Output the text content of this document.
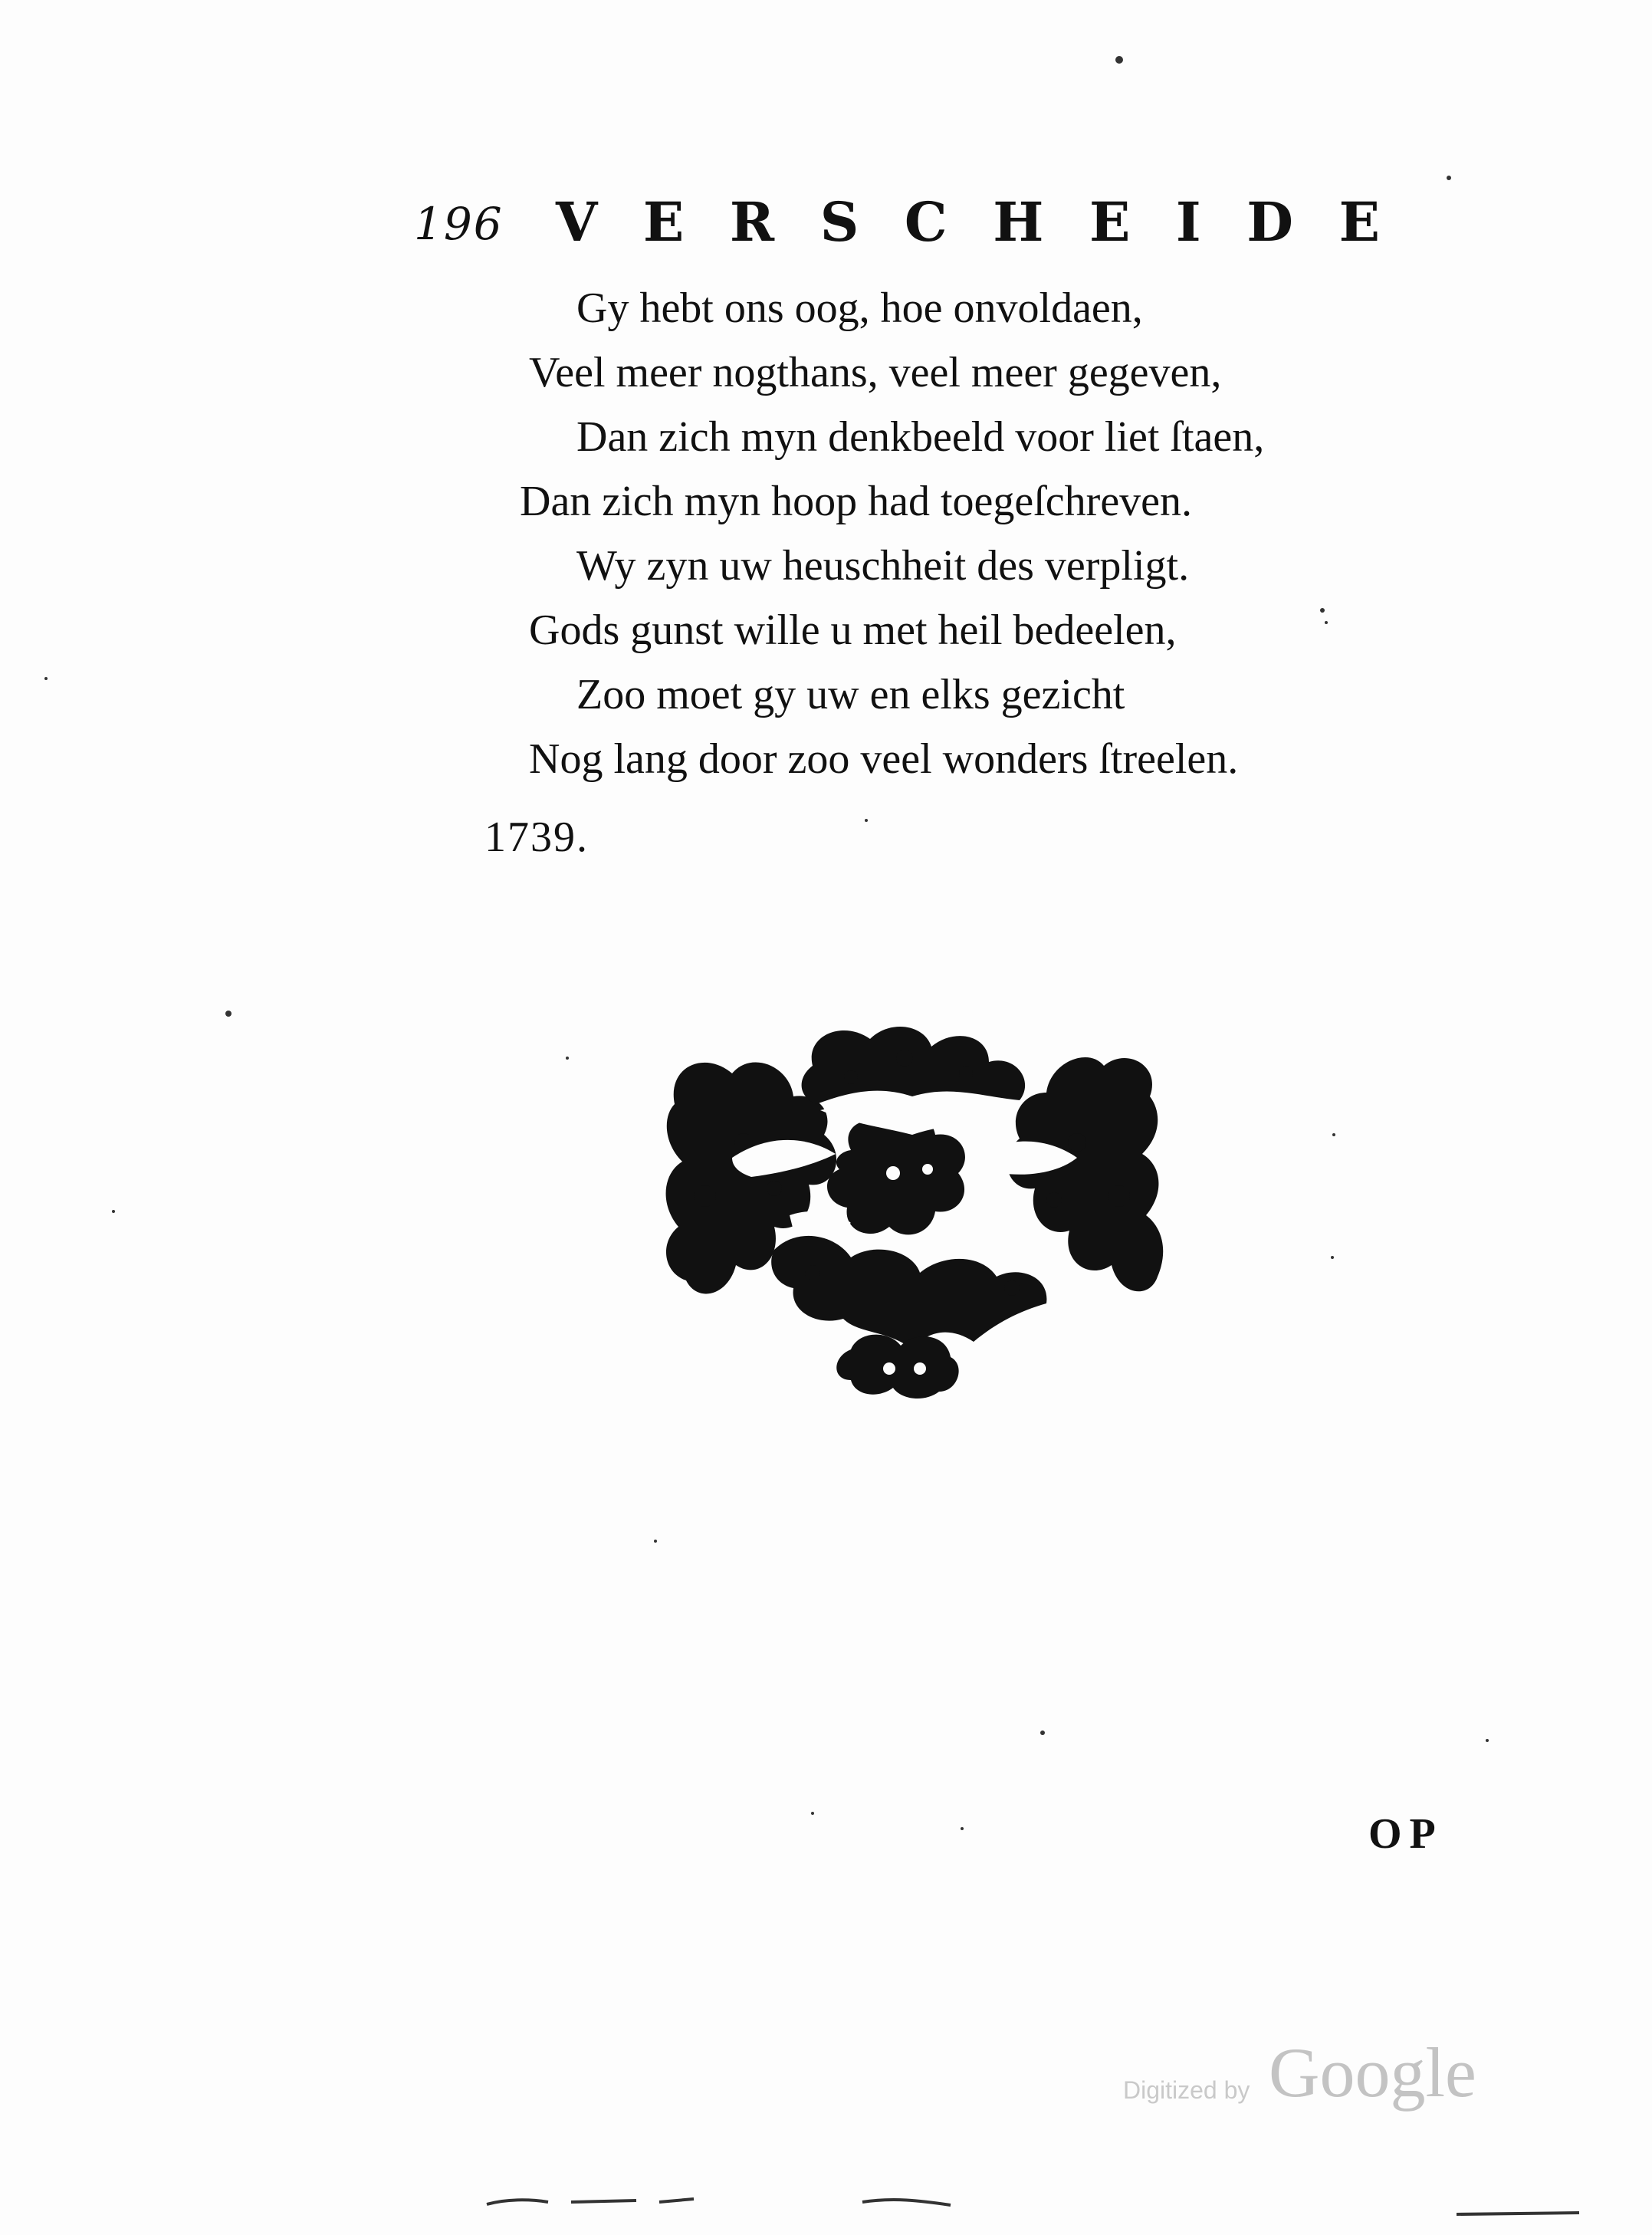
196 V E R S C H E I D E
Gy hebt ons oog, hoe onvoldaen,
Veel meer nogthans, veel meer gegeven,
Dan zich myn denkbeeld voor liet ſtaen,
Dan zich myn hoop had toegeſchreven.
Wy zyn uw heuschheit des verpligt.
Gods gunst wille u met heil bedeelen,
Zoo moet gy uw en elks gezicht
Nog lang door zoo veel wonders ſtreelen.
1739.
OP
Digitized by Google
